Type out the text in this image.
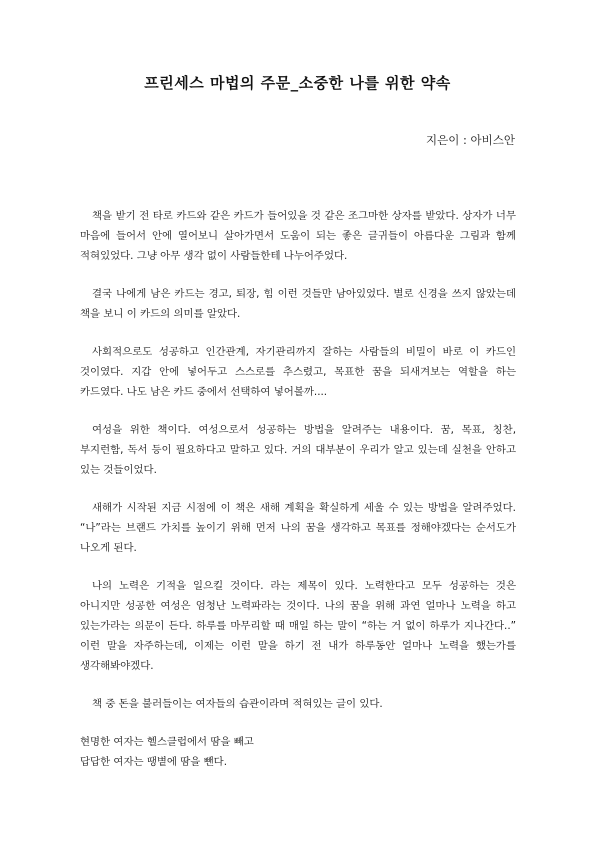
프린세스 마법의 주문_소중한 나를 위한 약속

지은이 : 아비스안

책을 받기 전 타로 카드와 같은 카드가 들어있을 것 같은 조그마한 상자를 받았다. 상자가 너무 마음에 들어서 안에 열어보니 살아가면서 도움이 되는 좋은 글귀들이 아름다운 그림과 함께 적혀있었다. 그냥 아무 생각 없이 사람들한테 나누어주었다.

결국 나에게 남은 카드는 경고, 퇴장, 힘 이런 것들만 남아있었다. 별로 신경을 쓰지 않았는데 책을 보니 이 카드의 의미를 알았다.

사회적으로도 성공하고 인간관계, 자기관리까지 잘하는 사람들의 비밀이 바로 이 카드인 것이였다. 지갑 안에 넣어두고 스스로를 추스렸고, 목표한 꿈을 되새겨보는 역할을 하는 카드였다. 나도 남은 카드 중에서 선택하여 넣어볼까....

여성을 위한 책이다. 여성으로서 성공하는 방법을 알려주는 내용이다. 꿈, 목표, 칭찬, 부지런함, 독서 등이 필요하다고 말하고 있다. 거의 대부분이 우리가 알고 있는데 실천을 안하고 있는 것들이었다.

새해가 시작된 지금 시점에 이 책은 새해 계획을 확실하게 세울 수 있는 방법을 알려주었다. “나”라는 브랜드 가치를 높이기 위해 먼저 나의 꿈을 생각하고 목표를 정해야겠다는 순서도가 나오게 된다.

나의 노력은 기적을 일으킬 것이다. 라는 제목이 있다. 노력한다고 모두 성공하는 것은 아니지만 성공한 여성은 엄청난 노력파라는 것이다. 나의 꿈을 위해 과연 얼마나 노력을 하고 있는가라는 의문이 든다. 하루를 마무리할 때 매일 하는 말이 “하는 거 없이 하루가 지나간다..” 이런 말을 자주하는데, 이제는 이런 말을 하기 전 내가 하루동안 얼마나 노력을 했는가를 생각해봐야겠다.

책 중 돈을 불러들이는 여자들의 습관이라며 적혀있는 글이 있다.

현명한 여자는 헬스클럽에서 땀을 빼고

답답한 여자는 땡볕에 땀을 뺀다.
